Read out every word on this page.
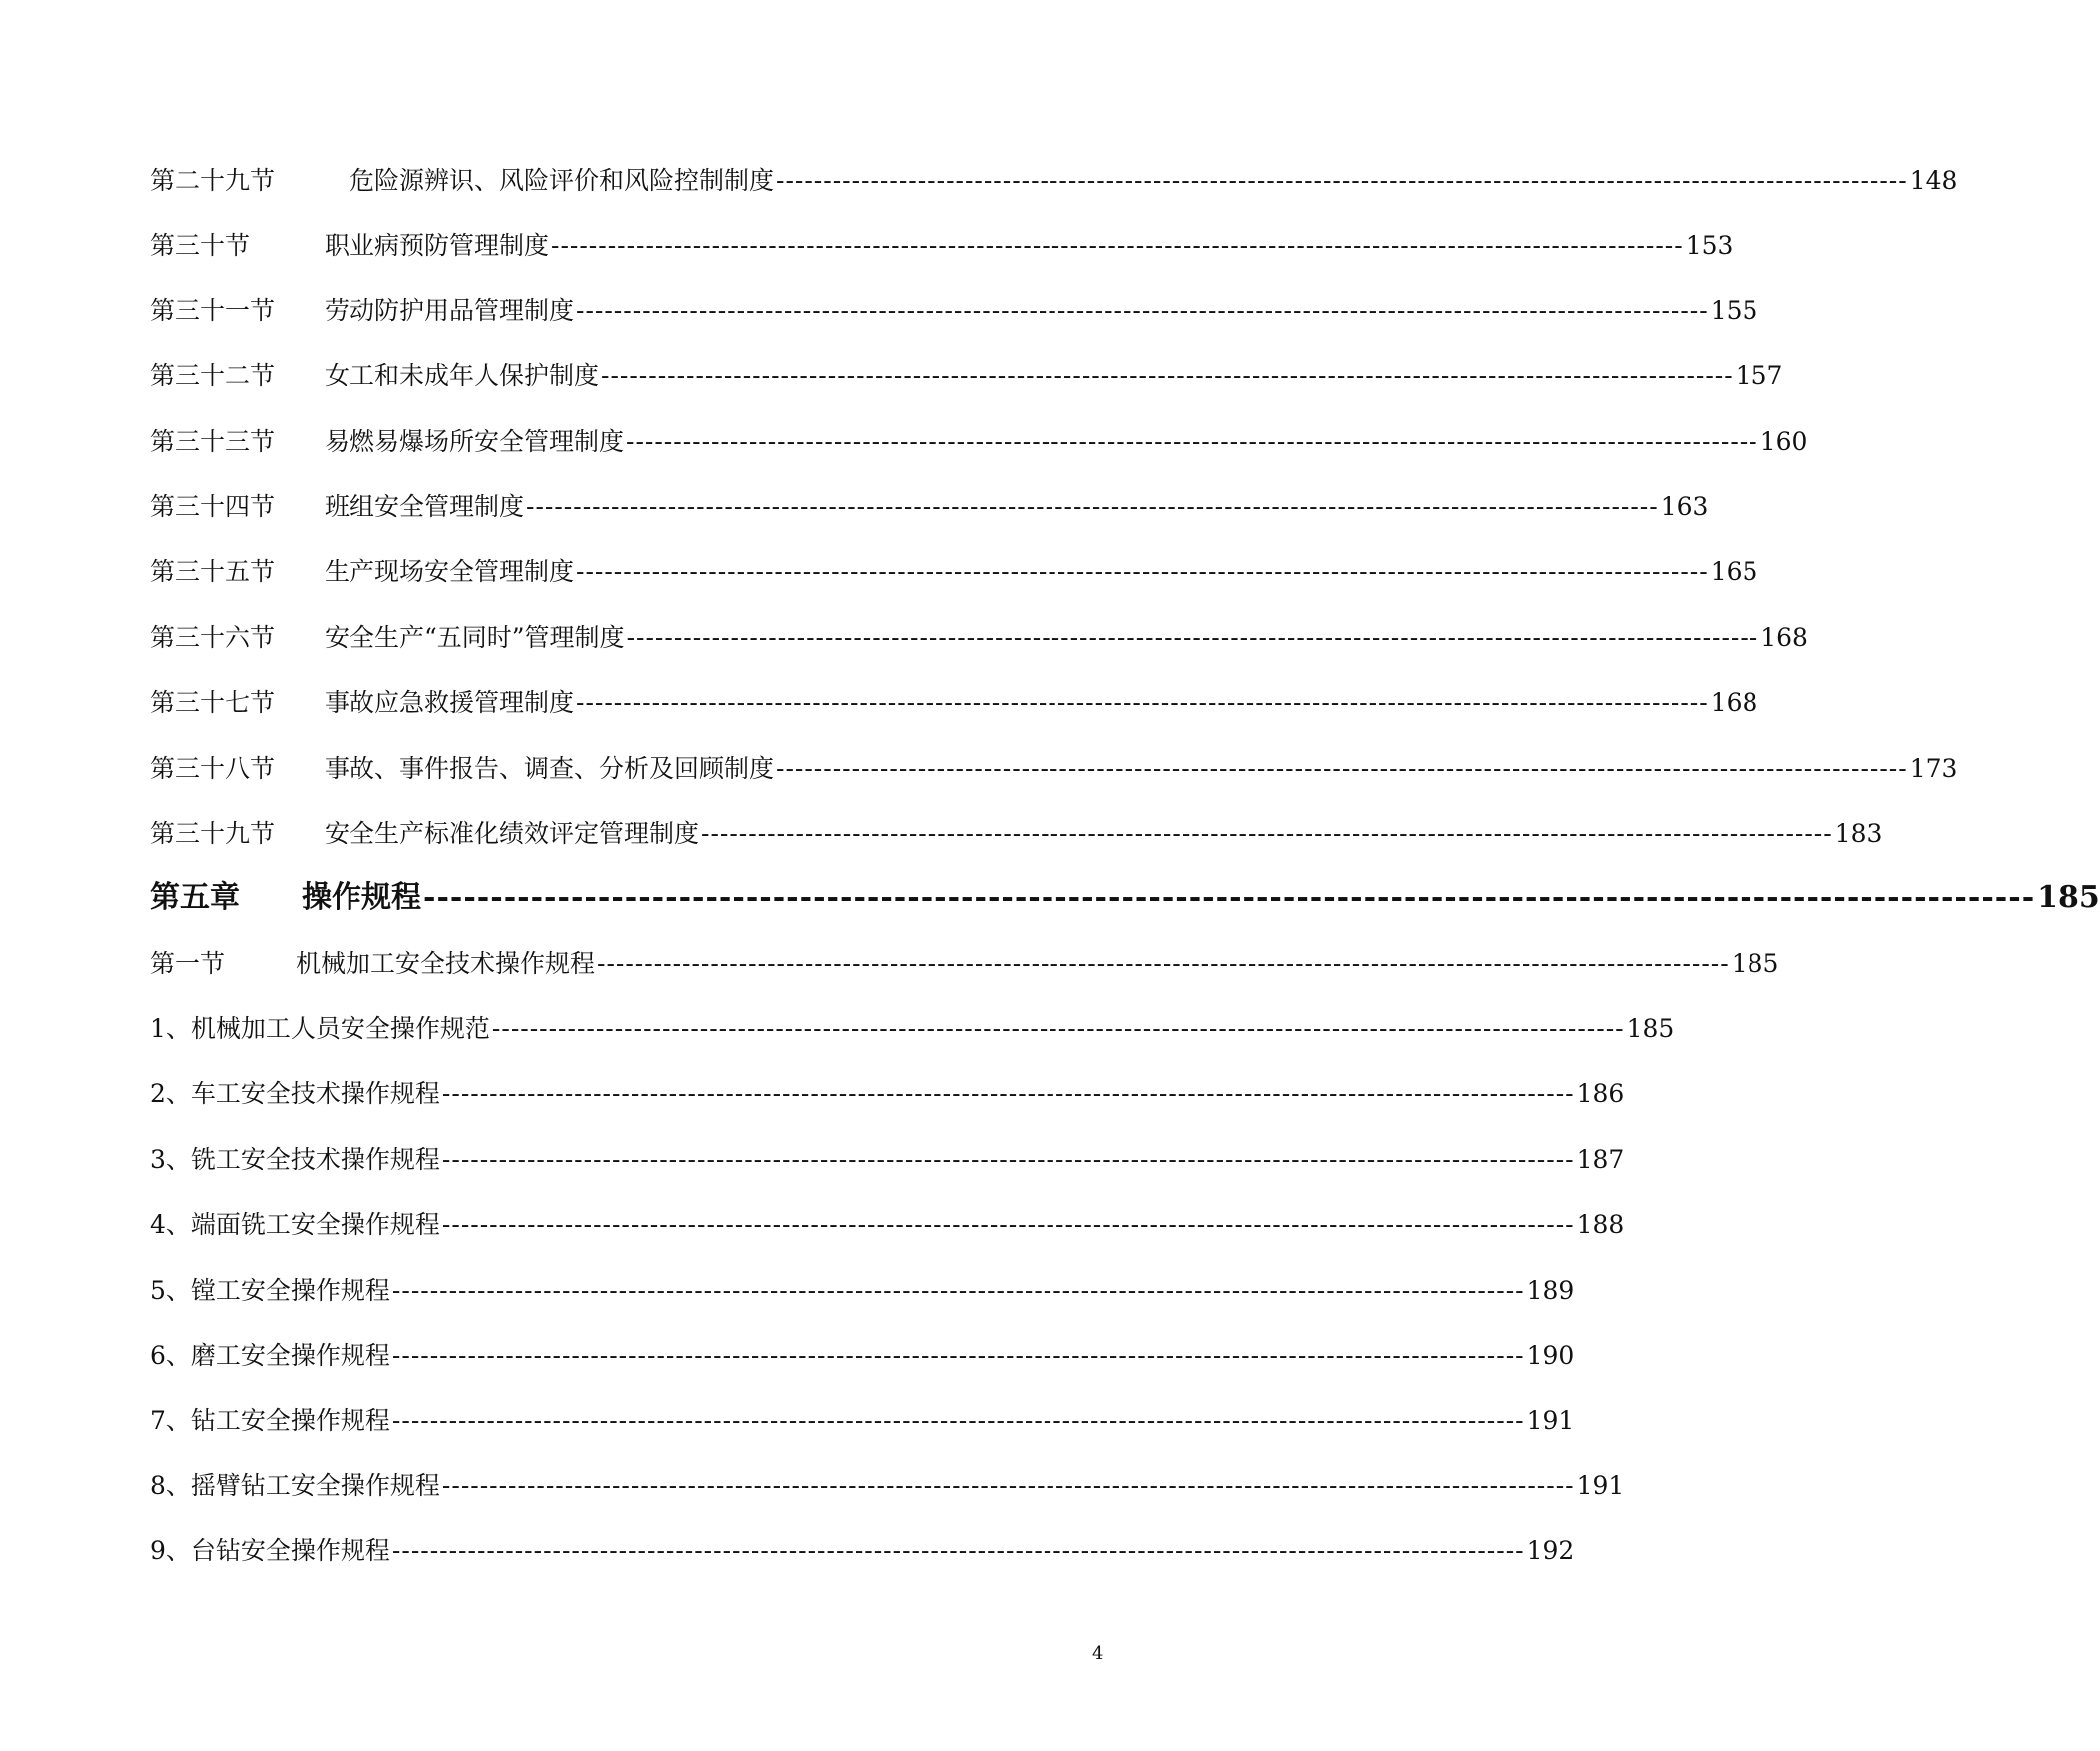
第二十九节	危险源辨识、风险评价和风险控制制度 ------------------------------------------------------------------------------------------------------------------------ 148
第三十节	职业病预防管理制度 ------------------------------------------------------------------------------------------------------------------------ 153
第三十一节	劳动防护用品管理制度 ------------------------------------------------------------------------------------------------------------------------ 155
第三十二节	女工和未成年人保护制度 ------------------------------------------------------------------------------------------------------------------------ 157
第三十三节	易燃易爆场所安全管理制度 ------------------------------------------------------------------------------------------------------------------------ 160
第三十四节	班组安全管理制度 ------------------------------------------------------------------------------------------------------------------------ 163
第三十五节	生产现场安全管理制度 ------------------------------------------------------------------------------------------------------------------------ 165
第三十六节	安全生产“五同时”管理制度 ------------------------------------------------------------------------------------------------------------------------ 168
第三十七节	事故应急救援管理制度 ------------------------------------------------------------------------------------------------------------------------ 168
第三十八节	事故、事件报告、调查、分析及回顾制度 ------------------------------------------------------------------------------------------------------------------------ 173
第三十九节	安全生产标准化绩效评定管理制度 ------------------------------------------------------------------------------------------------------------------------ 183
第五章	操作规程 ------------------------------------------------------------------------------------------------------------------------ 185
第一节	机械加工安全技术操作规程 ------------------------------------------------------------------------------------------------------------------------ 185
1、机械加工人员安全操作规范 ------------------------------------------------------------------------------------------------------------------------ 185
2、车工安全技术操作规程 ------------------------------------------------------------------------------------------------------------------------ 186
3、铣工安全技术操作规程 ------------------------------------------------------------------------------------------------------------------------ 187
4、端面铣工安全操作规程 ------------------------------------------------------------------------------------------------------------------------ 188
5、镗工安全操作规程 ------------------------------------------------------------------------------------------------------------------------ 189
6、磨工安全操作规程 ------------------------------------------------------------------------------------------------------------------------ 190
7、钻工安全操作规程 ------------------------------------------------------------------------------------------------------------------------ 191
8、摇臂钻工安全操作规程 ------------------------------------------------------------------------------------------------------------------------ 191
9、台钻安全操作规程 ------------------------------------------------------------------------------------------------------------------------ 192
4
